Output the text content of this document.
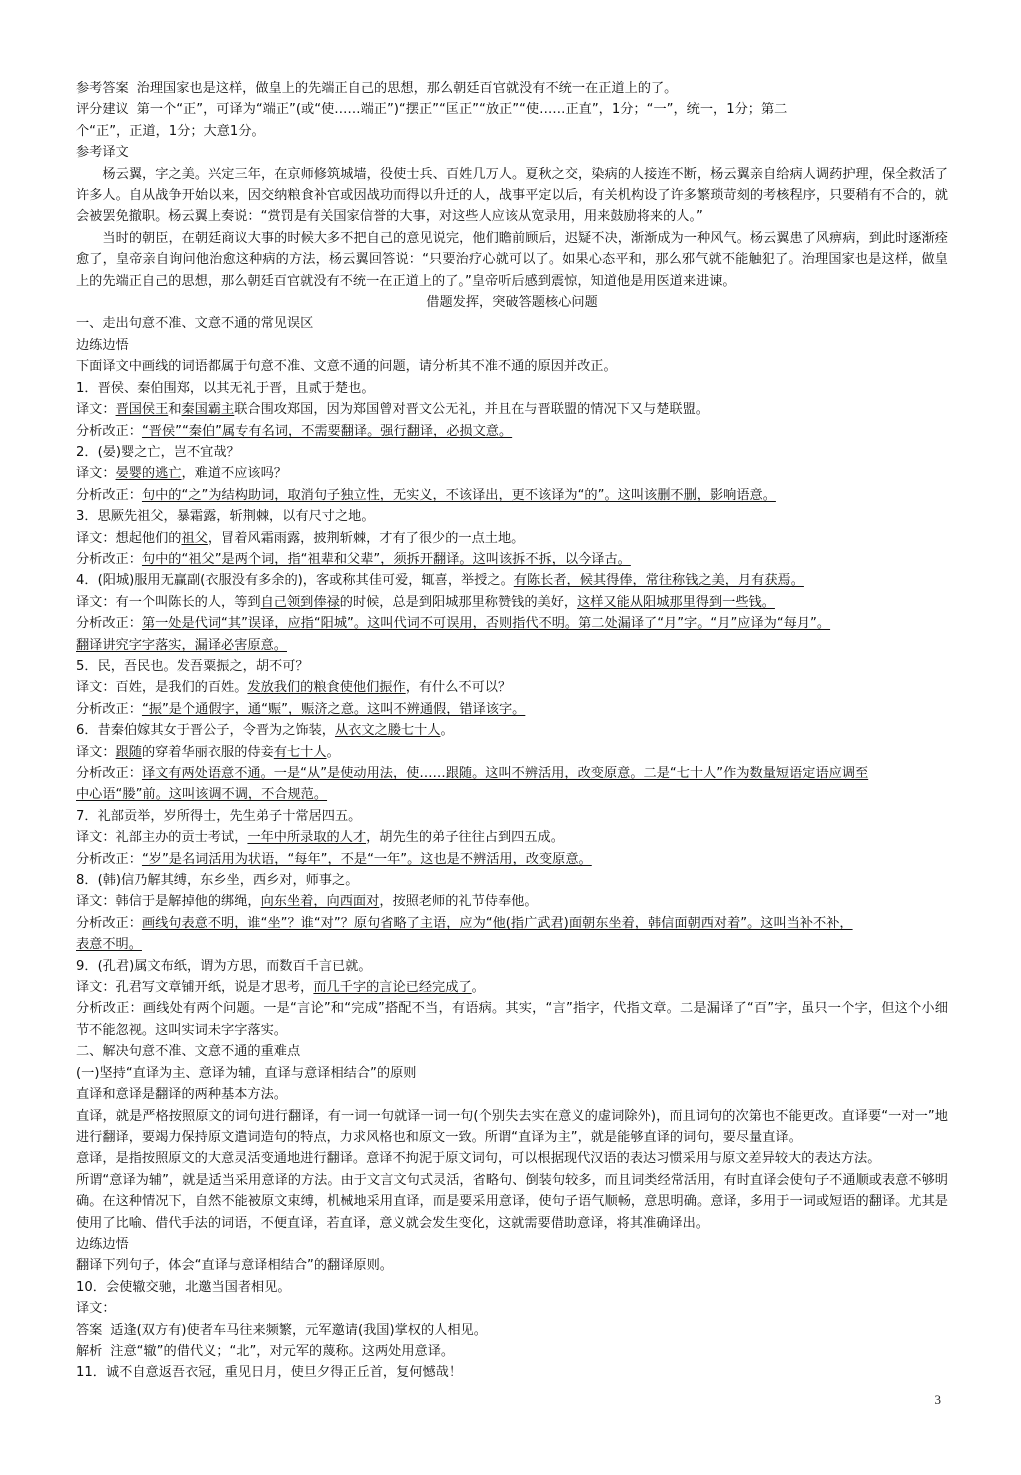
参考答案 治理国家也是这样，做皇上的先端正自己的思想，那么朝廷百官就没有不统一在正道上的了。

评分建议 第一个“正”，可译为“端正”(或“使……端正”)“摆正”“匡正”“放正”“使……正直”，1分；“一”，统一，1分；第二

个“正”，正道，1分；大意1分。

参考译文

杨云翼，字之美。兴定三年，在京师修筑城墙，役使士兵、百姓几万人。夏秋之交，染病的人接连不断，杨云翼亲自给病人调药护理，保全救活了许多人。自从战争开始以来，因交纳粮食补官或因战功而得以升迁的人，战事平定以后，有关机构设了许多繁琐苛刻的考核程序，只要稍有不合的，就会被罢免撤职。杨云翼上奏说：“赏罚是有关国家信誉的大事，对这些人应该从宽录用，用来鼓励将来的人。”

当时的朝臣，在朝廷商议大事的时候大多不把自己的意见说完，他们瞻前顾后，迟疑不决，渐渐成为一种风气。杨云翼患了风痹病，到此时逐渐痊愈了，皇帝亲自询问他治愈这种病的方法，杨云翼回答说：“只要治疗心就可以了。如果心态平和，那么邪气就不能触犯了。治理国家也是这样，做皇上的先端正自己的思想，那么朝廷百官就没有不统一在正道上的了。”皇帝听后感到震惊，知道他是用医道来进谏。

借题发挥，突破答题核心问题

一、走出句意不准、文意不通的常见误区

边练边悟

下面译文中画线的词语都属于句意不准、文意不通的问题，请分析其不准不通的原因并改正。

1．晋侯、秦伯围郑，以其无礼于晋，且贰于楚也。

译文：晋国侯王和秦国霸主联合围攻郑国，因为郑国曾对晋文公无礼，并且在与晋联盟的情况下又与楚联盟。

分析改正：“晋侯”“秦伯”属专有名词，不需要翻译。强行翻译，必损文意。

2．(晏)婴之亡，岂不宜哉？

译文：晏婴的逃亡，难道不应该吗？

分析改正：句中的“之”为结构助词，取消句子独立性，无实义，不该译出，更不该译为“的”。这叫该删不删，影响语意。

3．思厥先祖父，暴霜露，斩荆棘，以有尺寸之地。

译文：想起他们的祖父，冒着风霜雨露，披荆斩棘，才有了很少的一点土地。

分析改正：句中的“祖父”是两个词，指“祖辈和父辈”，须拆开翻译。这叫该拆不拆，以今译古。

4．(阳城)服用无赢副(衣服没有多余的)，客或称其佳可爱，辄喜，举授之。有陈长者，候其得俸，常往称钱之美，月有获焉。

译文：有一个叫陈长的人，等到自己领到俸禄的时候，总是到阳城那里称赞钱的美好，这样又能从阳城那里得到一些钱。

分析改正：第一处是代词“其”误译，应指“阳城”。这叫代词不可误用，否则指代不明。第二处漏译了“月”字。“月”应译为“每月”。

翻译讲究字字落实，漏译必害原意。

5．民，吾民也。发吾粟振之，胡不可？

译文：百姓，是我们的百姓。发放我们的粮食使他们振作，有什么不可以？

分析改正：“振”是个通假字，通“赈”，赈济之意。这叫不辨通假，错译该字。

6．昔秦伯嫁其女于晋公子，令晋为之饰装，从衣文之媵七十人。

译文：跟随的穿着华丽衣服的侍妾有七十人。

分析改正：译文有两处语意不通。一是“从”是使动用法，使……跟随。这叫不辨活用，改变原意。二是“七十人”作为数量短语定语应调至

中心语“媵”前。这叫该调不调，不合规范。

7．礼部贡举，岁所得士，先生弟子十常居四五。

译文：礼部主办的贡士考试，一年中所录取的人才，胡先生的弟子往往占到四五成。

分析改正：“岁”是名词活用为状语，“每年”，不是“一年”。这也是不辨活用，改变原意。

8．(韩)信乃解其缚，东乡坐，西乡对，师事之。

译文：韩信于是解掉他的绑绳，向东坐着，向西面对，按照老师的礼节侍奉他。

分析改正：画线句表意不明，谁“坐”？谁“对”？原句省略了主语，应为“他(指广武君)面朝东坐着，韩信面朝西对着”。这叫当补不补，

表意不明。

9．(孔君)属文布纸，谓为方思，而数百千言已就。

译文：孔君写文章铺开纸，说是才思考，而几千字的言论已经完成了。

分析改正：画线处有两个问题。一是“言论”和“完成”搭配不当，有语病。其实，“言”指字，代指文章。二是漏译了“百”字，虽只一个字，但这个小细节不能忽视。这叫实词未字字落实。

二、解决句意不准、文意不通的重难点

(一)坚持“直译为主、意译为辅，直译与意译相结合”的原则

直译和意译是翻译的两种基本方法。

直译，就是严格按照原文的词句进行翻译，有一词一句就译一词一句(个别失去实在意义的虚词除外)，而且词句的次第也不能更改。直译要“一对一”地进行翻译，要竭力保持原文遣词造句的特点，力求风格也和原文一致。所谓“直译为主”，就是能够直译的词句，要尽量直译。

意译，是指按照原文的大意灵活变通地进行翻译。意译不拘泥于原文词句，可以根据现代汉语的表达习惯采用与原文差异较大的表达方法。

所谓“意译为辅”，就是适当采用意译的方法。由于文言文句式灵活，省略句、倒装句较多，而且词类经常活用，有时直译会使句子不通顺或表意不够明确。在这种情况下，自然不能被原文束缚，机械地采用直译，而是要采用意译，使句子语气顺畅，意思明确。意译，多用于一词或短语的翻译。尤其是使用了比喻、借代手法的词语，不便直译，若直译，意义就会发生变化，这就需要借助意译，将其准确译出。

边练边悟

翻译下列句子，体会“直译与意译相结合”的翻译原则。

10．会使辙交驰，北邀当国者相见。

译文：

答案 适逢(双方有)使者车马往来频繁，元军邀请(我国)掌权的人相见。

解析 注意“辙”的借代义；“北”，对元军的蔑称。这两处用意译。

11．诚不自意返吾衣冠，重见日月，使旦夕得正丘首，复何憾哉！

3
